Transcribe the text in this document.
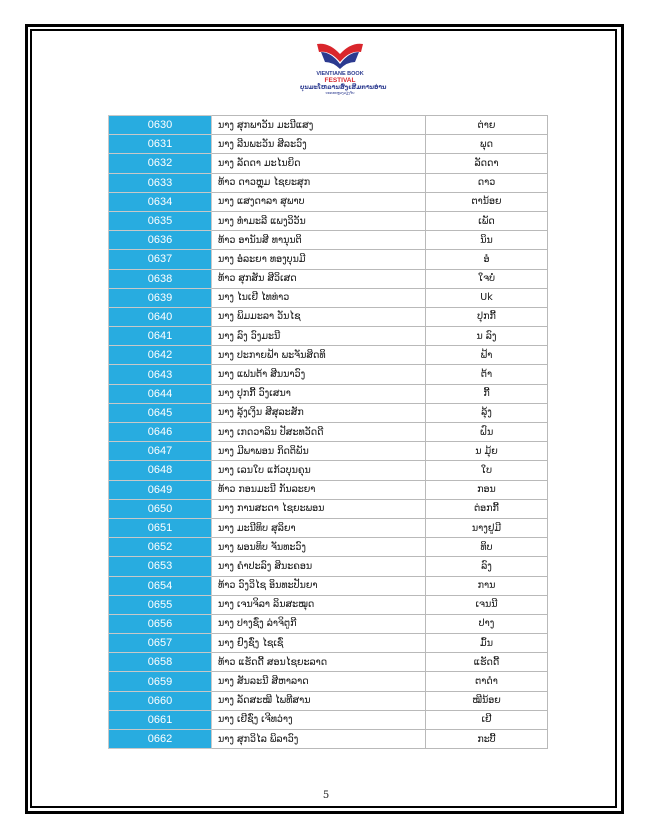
VIENTIANE BOOK
FESTIVAL
ບຸນມະໂຫລານສົ່ງເສີມການອ່ານ
ນະຄອນຫຼວງວຽງຈັນ
0630	ນາງ ສຸກພາວັນ ມະນີແສງ	ຕ່າຍ
0631	ນາງ ລີນພະວັນ ສີລະວົງ	ພຸດ
0632	ນາງ ລັດດາ ມະໄນຍິດ	ລັດດາ
0633	ທ້າວ ດາວຫຼຸມ ໄຊຍະສຸກ	ດາວ
0634	ນາງ ແສງດາລາ ສຸພາບ	ຕານ້ອຍ
0635	ນາງ ທຳມະລີ ແພງວິວັນ	ເພັດ
0636	ທ້າວ ອານັນສີ ທານຸນຕິ	ນິນ
0637	ນາງ ອໍລະຍາ ທອງບຸນມີ	ອໍ
0638	ທ້າວ ສຸກສັນ ສີວິເສດ	ໃຈບໍ່
0639	ນາງ ໄນເຢີ ໄທທ່າວ	Uk
0640	ນາງ ພິມມະລາ ວັນໄຊ	ປຸກກີ້
0641	ນາງ ລົງ ວົງມະນີ	ນ ລົງ
0642	ນາງ ປະກາຍຟ້າ ພະຈັນສິດທິ	ຟ້າ
0643	ນາງ ແຟນຕ້າ ສີນນາວົງ	ຕ້າ
0644	ນາງ ປຸກກີ້ ວົງເສນາ	ກີ້
0645	ນາງ ລຸ້ງເງິນ ສີສຸລະສັກ	ລຸ້ງ
0646	ນາງ ເກດວາລິນ ປັສະທວັດດີ	ຝົນ
0647	ນາງ ມີພາພອນ ກິດຕິພັນ	ນ ມຸ້ຍ
0648	ນາງ ເລນໃບ ແກ້ວບຸນຄຸນ	ໃບ
0649	ທ້າວ ກອນມະນີ ກັນລະຍາ	ກອນ
0650	ນາງ ການສະດາ ໄຊຍະພອນ	ຕ່ອກກີ້
0651	ນາງ ມະນີທິບ ສຸລິຍາ	ນາງຢູມີ
0652	ນາງ ພອນທິບ ຈັນທະວົງ	ທິບ
0653	ນາງ ຄຳປະລົງ ສິນະຄອນ	ລົງ
0654	ທ້າວ ວົງວິໄຊ ອິນທະປັນຍາ	ການ
0655	ນາງ ເຈນຈິລາ ລິນສະໝຸດ	ເຈນນີ
0656	ນາງ ປາງຊົ່ງ ລ່າຈິຕູກີ	ປາງ
0657	ນາງ ຢົງຊົ່ງ ໄຊເຊົ່	ມົ້ນ
0658	ທ້າວ ແຮັດດີ້ ສອນໄຊຍະລາດ	ແຮັດດີ້
0659	ນາງ ສັນລະນີ ສີຫາລາດ	ຕາດຳ
0660	ນາງ ລັດສະໝີ ໄພທີສານ	ໝີນ້ອຍ
0661	ນາງ ເຢີຊົ່ງ ເຈີທວ່າງ	ເຢີ
0662	ນາງ ສຸກວິໄລ ພິລາວົງ	ກະບີ້
5
